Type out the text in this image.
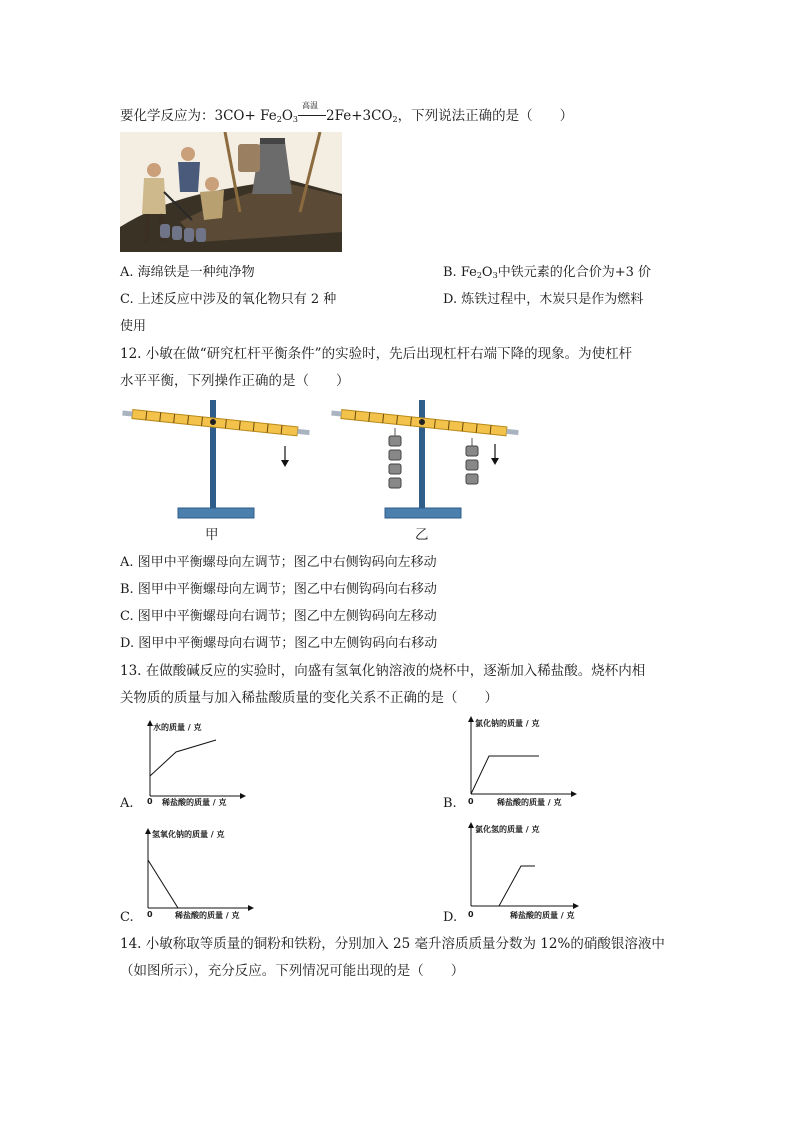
要化学反应为：$3CO+ Fe_2O_3$
高温
$2Fe+3CO_2$，下列说法正确的是（　　）
A. 海绵铁是一种纯净物	B. $Fe_2O_3$中铁元素的化合价为+3 价
C. 上述反应中涉及的氧化物只有 2 种	D. 炼铁过程中，木炭只是作为燃料
使用
12. 小敏在做“研究杠杆平衡条件”的实验时，先后出现杠杆右端下降的现象。为使杠杆
水平平衡，下列操作正确的是（　　）
甲	乙
A. 图甲中平衡螺母向左调节；图乙中右侧钩码向左移动
B. 图甲中平衡螺母向左调节；图乙中右侧钩码向右移动
C. 图甲中平衡螺母向右调节；图乙中左侧钩码向左移动
D. 图甲中平衡螺母向右调节；图乙中左侧钩码向右移动
13. 在做酸碱反应的实验时，向盛有氢氧化钠溶液的烧杯中，逐渐加入稀盐酸。烧杯内相
关物质的质量与加入稀盐酸质量的变化关系不正确的是（　　）
A.
水的质量 / 克
0 稀盐酸的质量 / 克	B.
氯化钠的质量 / 克
0	稀盐酸的质量 / 克
C.
氢氧化钠的质量 / 克
0	稀盐酸的质量 / 克	D.
氯化氢的质量 / 克
0	稀盐酸的质量 / 克
14. 小敏称取等质量的铜粉和铁粉，分别加入 25 毫升溶质质量分数为 12%的硝酸银溶液中
（如图所示），充分反应。下列情况可能出现的是（　　）
